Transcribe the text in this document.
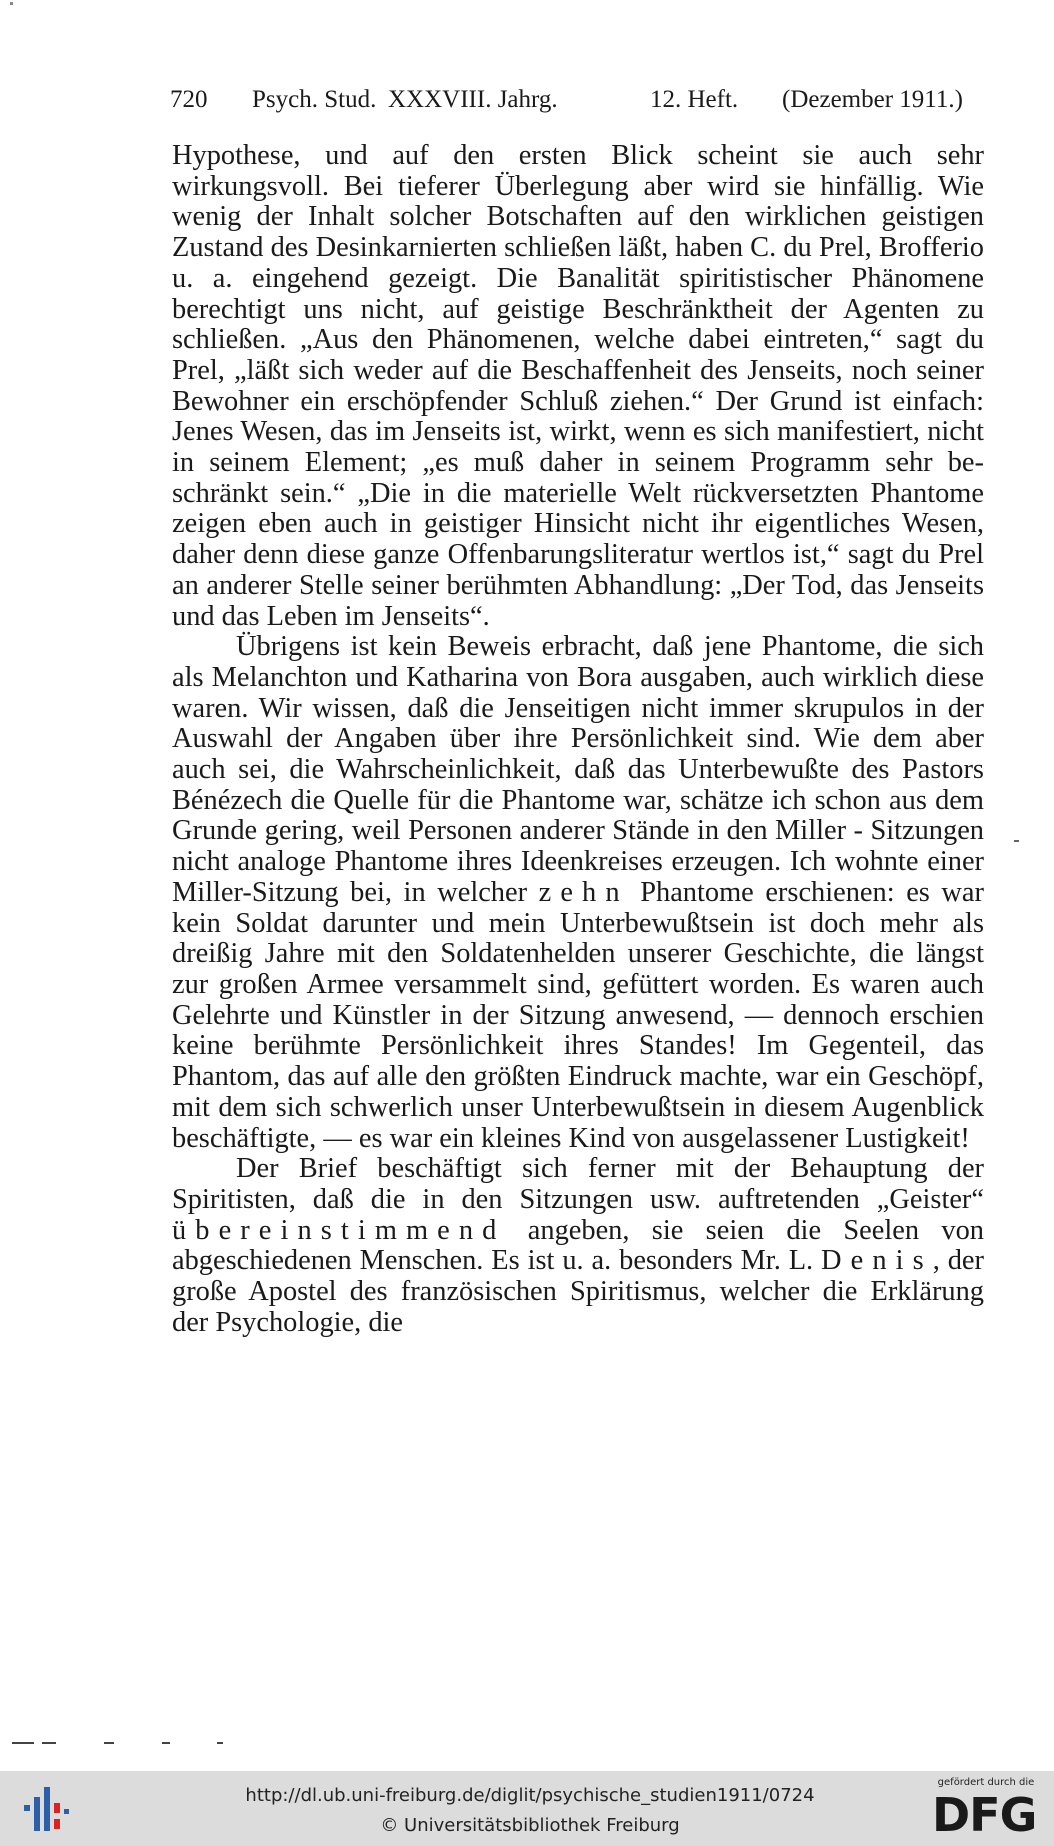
720 Psych. Stud. XXXVIII. Jahrg.	12. Heft. (Dezember 1911.)

Hypothese, und auf den ersten Blick scheint sie auch sehr wirkungsvoll. Bei tieferer Überlegung aber wird sie hinfällig. Wie wenig der Inhalt solcher Botschaften auf den wirklichen geistigen Zustand des Desinkarnierten schließen läßt, haben C. du Prel, Brofferio u. a. eingehend gezeigt. Die Banalität spiritistischer Phänomene berechtigt uns nicht, auf geistige Beschränktheit der Agenten zu schließen. „Aus den Phänomenen, welche dabei eintreten,“ sagt du Prel, „läßt sich weder auf die Beschaffenheit des Jenseits, noch seiner Bewohner ein erschöpfender Schluß ziehen.“ Der Grund ist einfach: Jenes Wesen, das im Jenseits ist, wirkt, wenn es sich manifestiert, nicht in seinem Element; „es muß daher in seinem Programm sehr beschränkt sein.“ „Die in die materielle Welt rückversetzten Phantome zeigen eben auch in geistiger Hinsicht nicht ihr eigentliches Wesen, daher denn diese ganze Offenbarungsliteratur wertlos ist,“ sagt du Prel an anderer Stelle seiner berühmten Abhandlung: „Der Tod, das Jenseits und das Leben im Jenseits“.

Übrigens ist kein Beweis erbracht, daß jene Phantome, die sich als Melanchton und Katharina von Bora ausgaben, auch wirklich diese waren. Wir wissen, daß die Jenseitigen nicht immer skrupulos in der Auswahl der Angaben über ihre Persönlichkeit sind. Wie dem aber auch sei, die Wahrscheinlichkeit, daß das Unterbewußte des Pastors Bénézech die Quelle für die Phantome war, schätze ich schon aus dem Grunde gering, weil Personen anderer Stände in den Miller - Sitzungen nicht analoge Phantome ihres Ideenkreises erzeugen. Ich wohnte einer Miller-Sitzung bei, in welcher zehn Phantome erschienen: es war kein Soldat darunter und mein Unterbewußtsein ist doch mehr als dreißig Jahre mit den Soldatenhelden unserer Geschichte, die längst zur großen Armee versammelt sind, gefüttert worden. Es waren auch Gelehrte und Künstler in der Sitzung anwesend, — dennoch erschien keine berühmte Persönlichkeit ihres Standes! Im Gegenteil, das Phantom, das auf alle den größten Eindruck machte, war ein Geschöpf, mit dem sich schwerlich unser Unterbewußtsein in diesem Augenblick beschäftigte, — es war ein kleines Kind von ausgelassener Lustigkeit!

Der Brief beschäftigt sich ferner mit der Behauptung der Spiritisten, daß die in den Sitzungen usw. auftretenden „Geister“ übereinstimmend angeben, sie seien die Seelen von abgeschiedenen Menschen. Es ist u. a. besonders Mr. L. Denis, der große Apostel des französischen Spiritismus, welcher die Erklärung der Psychologie, die

http://dl.ub.uni-freiburg.de/diglit/psychische_studien1911/0724
© Universitätsbibliothek Freiburg
gefördert durch die
DFG
